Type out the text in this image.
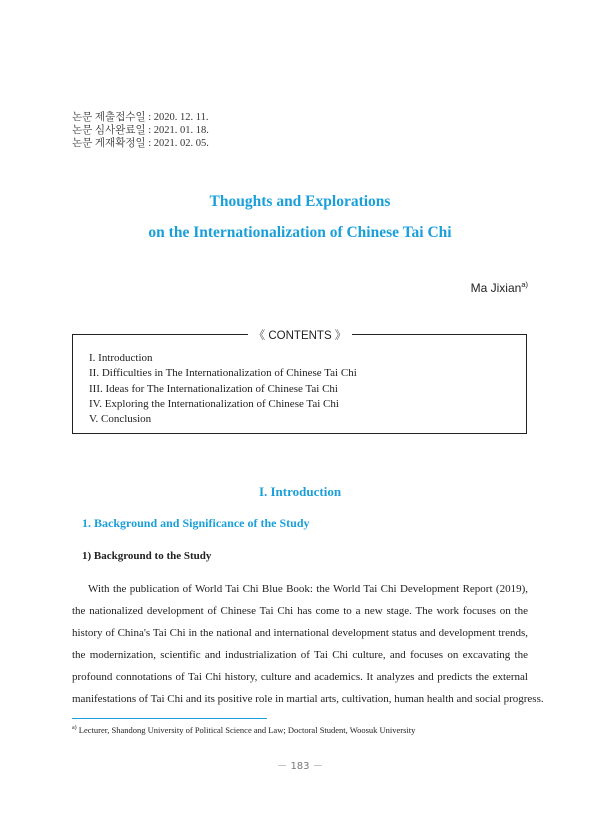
논문 제출접수일 : 2020. 12. 11.
논문 심사완료일 : 2021. 01. 18.
논문 게재확정일 : 2021. 02. 05.
Thoughts and Explorations
on the Internationalization of Chinese Tai Chi
Ma Jixian$^{a)}$
《 CONTENTS 》
I. Introduction
II. Difficulties in The Internationalization of Chinese Tai Chi
III. Ideas for The Internationalization of Chinese Tai Chi
IV. Exploring the Internationalization of Chinese Tai Chi
V. Conclusion
I. Introduction
1. Background and Significance of the Study
1) Background to the Study
With the publication of World Tai Chi Blue Book: the World Tai Chi Development Report (2019),
the nationalized development of Chinese Tai Chi has come to a new stage. The work focuses on the
history of China's Tai Chi in the national and international development status and development trends,
the modernization, scientific and industrialization of Tai Chi culture, and focuses on excavating the
profound connotations of Tai Chi history, culture and academics. It analyzes and predicts the external
manifestations of Tai Chi and its positive role in martial arts, cultivation, human health and social progress.
$^{a)}$ Lecturer, Shandong University of Political Science and Law; Doctoral Student, Woosuk University
－ 183 －
